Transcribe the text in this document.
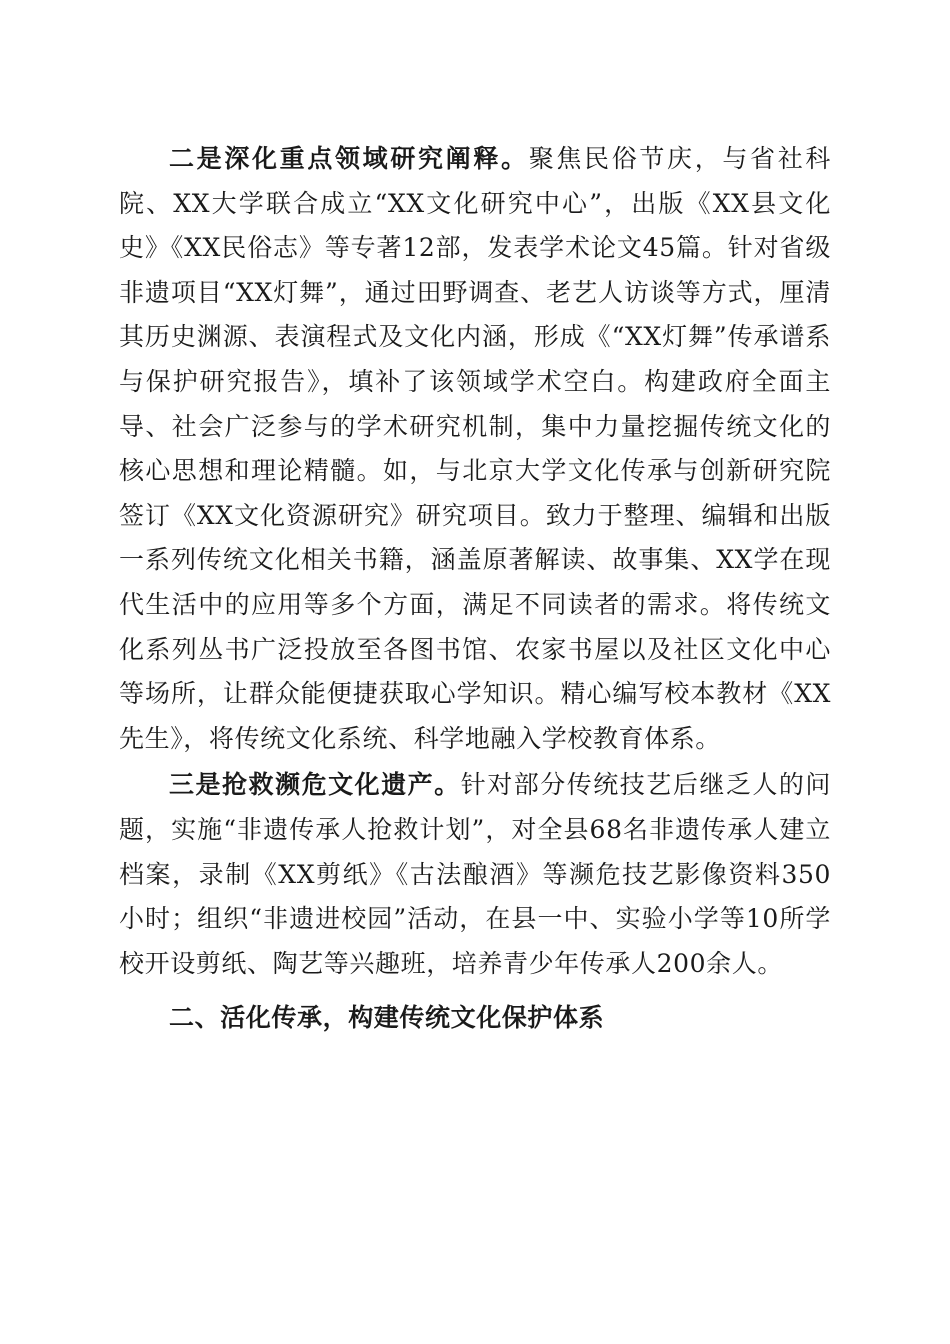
二是深化重点领域研究阐释。聚焦民俗节庆，与省社科院、XX大学联合成立“XX文化研究中心”，出版《XX县文化史》《XX民俗志》等专著12部，发表学术论文45篇。针对省级非遗项目“XX灯舞”，通过田野调查、老艺人访谈等方式，厘清其历史渊源、表演程式及文化内涵，形成《“XX灯舞”传承谱系与保护研究报告》，填补了该领域学术空白。构建政府全面主导、社会广泛参与的学术研究机制，集中力量挖掘传统文化的核心思想和理论精髓。如，与北京大学文化传承与创新研究院签订《XX文化资源研究》研究项目。致力于整理、编辑和出版一系列传统文化相关书籍，涵盖原著解读、故事集、XX学在现代生活中的应用等多个方面，满足不同读者的需求。将传统文化系列丛书广泛投放至各图书馆、农家书屋以及社区文化中心等场所，让群众能便捷获取心学知识。精心编写校本教材《XX先生》，将传统文化系统、科学地融入学校教育体系。

三是抢救濒危文化遗产。针对部分传统技艺后继乏人的问题，实施“非遗传承人抢救计划”，对全县68名非遗传承人建立档案，录制《XX剪纸》《古法酿酒》等濒危技艺影像资料350小时；组织“非遗进校园”活动，在县一中、实验小学等10所学校开设剪纸、陶艺等兴趣班，培养青少年传承人200余人。

二、活化传承，构建传统文化保护体系
